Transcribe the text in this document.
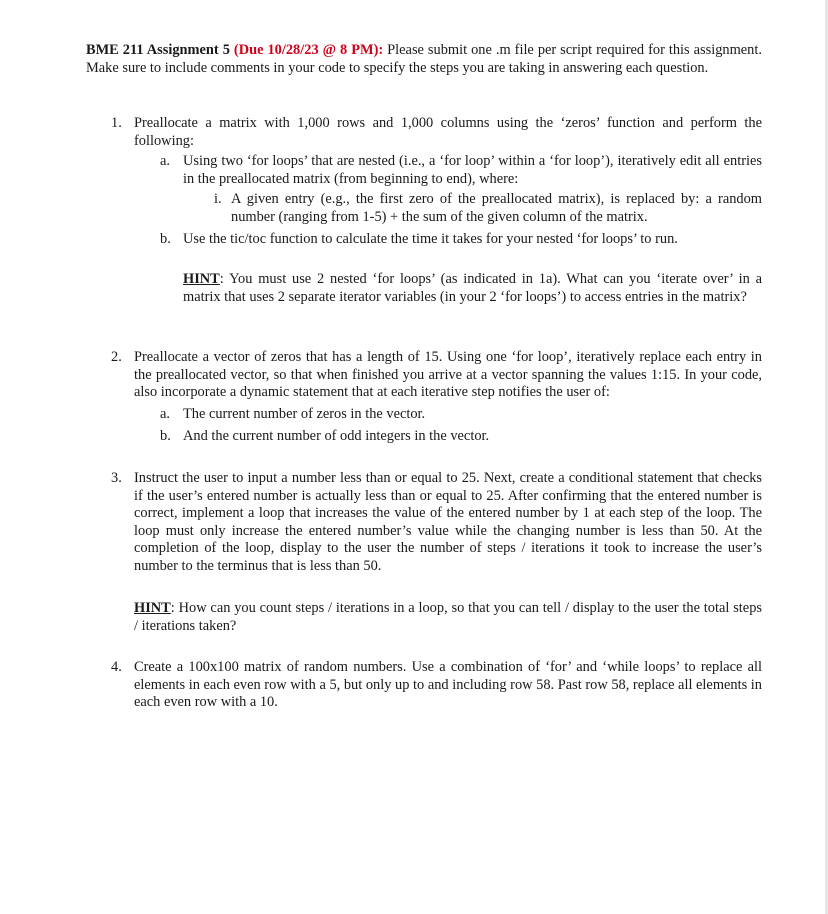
BME 211 Assignment 5 (Due 10/28/23 @ 8 PM): Please submit one .m file per script required for this assignment. Make sure to include comments in your code to specify the steps you are taking in answering each question.
1. Preallocate a matrix with 1,000 rows and 1,000 columns using the ‘zeros’ function and perform the following:
a. Using two ‘for loops’ that are nested (i.e., a ‘for loop’ within a ‘for loop’), iteratively edit all entries in the preallocated matrix (from beginning to end), where:
i. A given entry (e.g., the first zero of the preallocated matrix), is replaced by: a random number (ranging from 1-5) + the sum of the given column of the matrix.
b. Use the tic/toc function to calculate the time it takes for your nested ‘for loops’ to run.
HINT: You must use 2 nested ‘for loops’ (as indicated in 1a). What can you ‘iterate over’ in a matrix that uses 2 separate iterator variables (in your 2 ‘for loops’) to access entries in the matrix?
2. Preallocate a vector of zeros that has a length of 15. Using one ‘for loop’, iteratively replace each entry in the preallocated vector, so that when finished you arrive at a vector spanning the values 1:15. In your code, also incorporate a dynamic statement that at each iterative step notifies the user of:
a. The current number of zeros in the vector.
b. And the current number of odd integers in the vector.
3. Instruct the user to input a number less than or equal to 25. Next, create a conditional statement that checks if the user’s entered number is actually less than or equal to 25. After confirming that the entered number is correct, implement a loop that increases the value of the entered number by 1 at each step of the loop. The loop must only increase the entered number’s value while the changing number is less than 50. At the completion of the loop, display to the user the number of steps / iterations it took to increase the user’s number to the terminus that is less than 50.
HINT: How can you count steps / iterations in a loop, so that you can tell / display to the user the total steps / iterations taken?
4. Create a 100x100 matrix of random numbers. Use a combination of ‘for’ and ‘while loops’ to replace all elements in each even row with a 5, but only up to and including row 58. Past row 58, replace all elements in each even row with a 10.
